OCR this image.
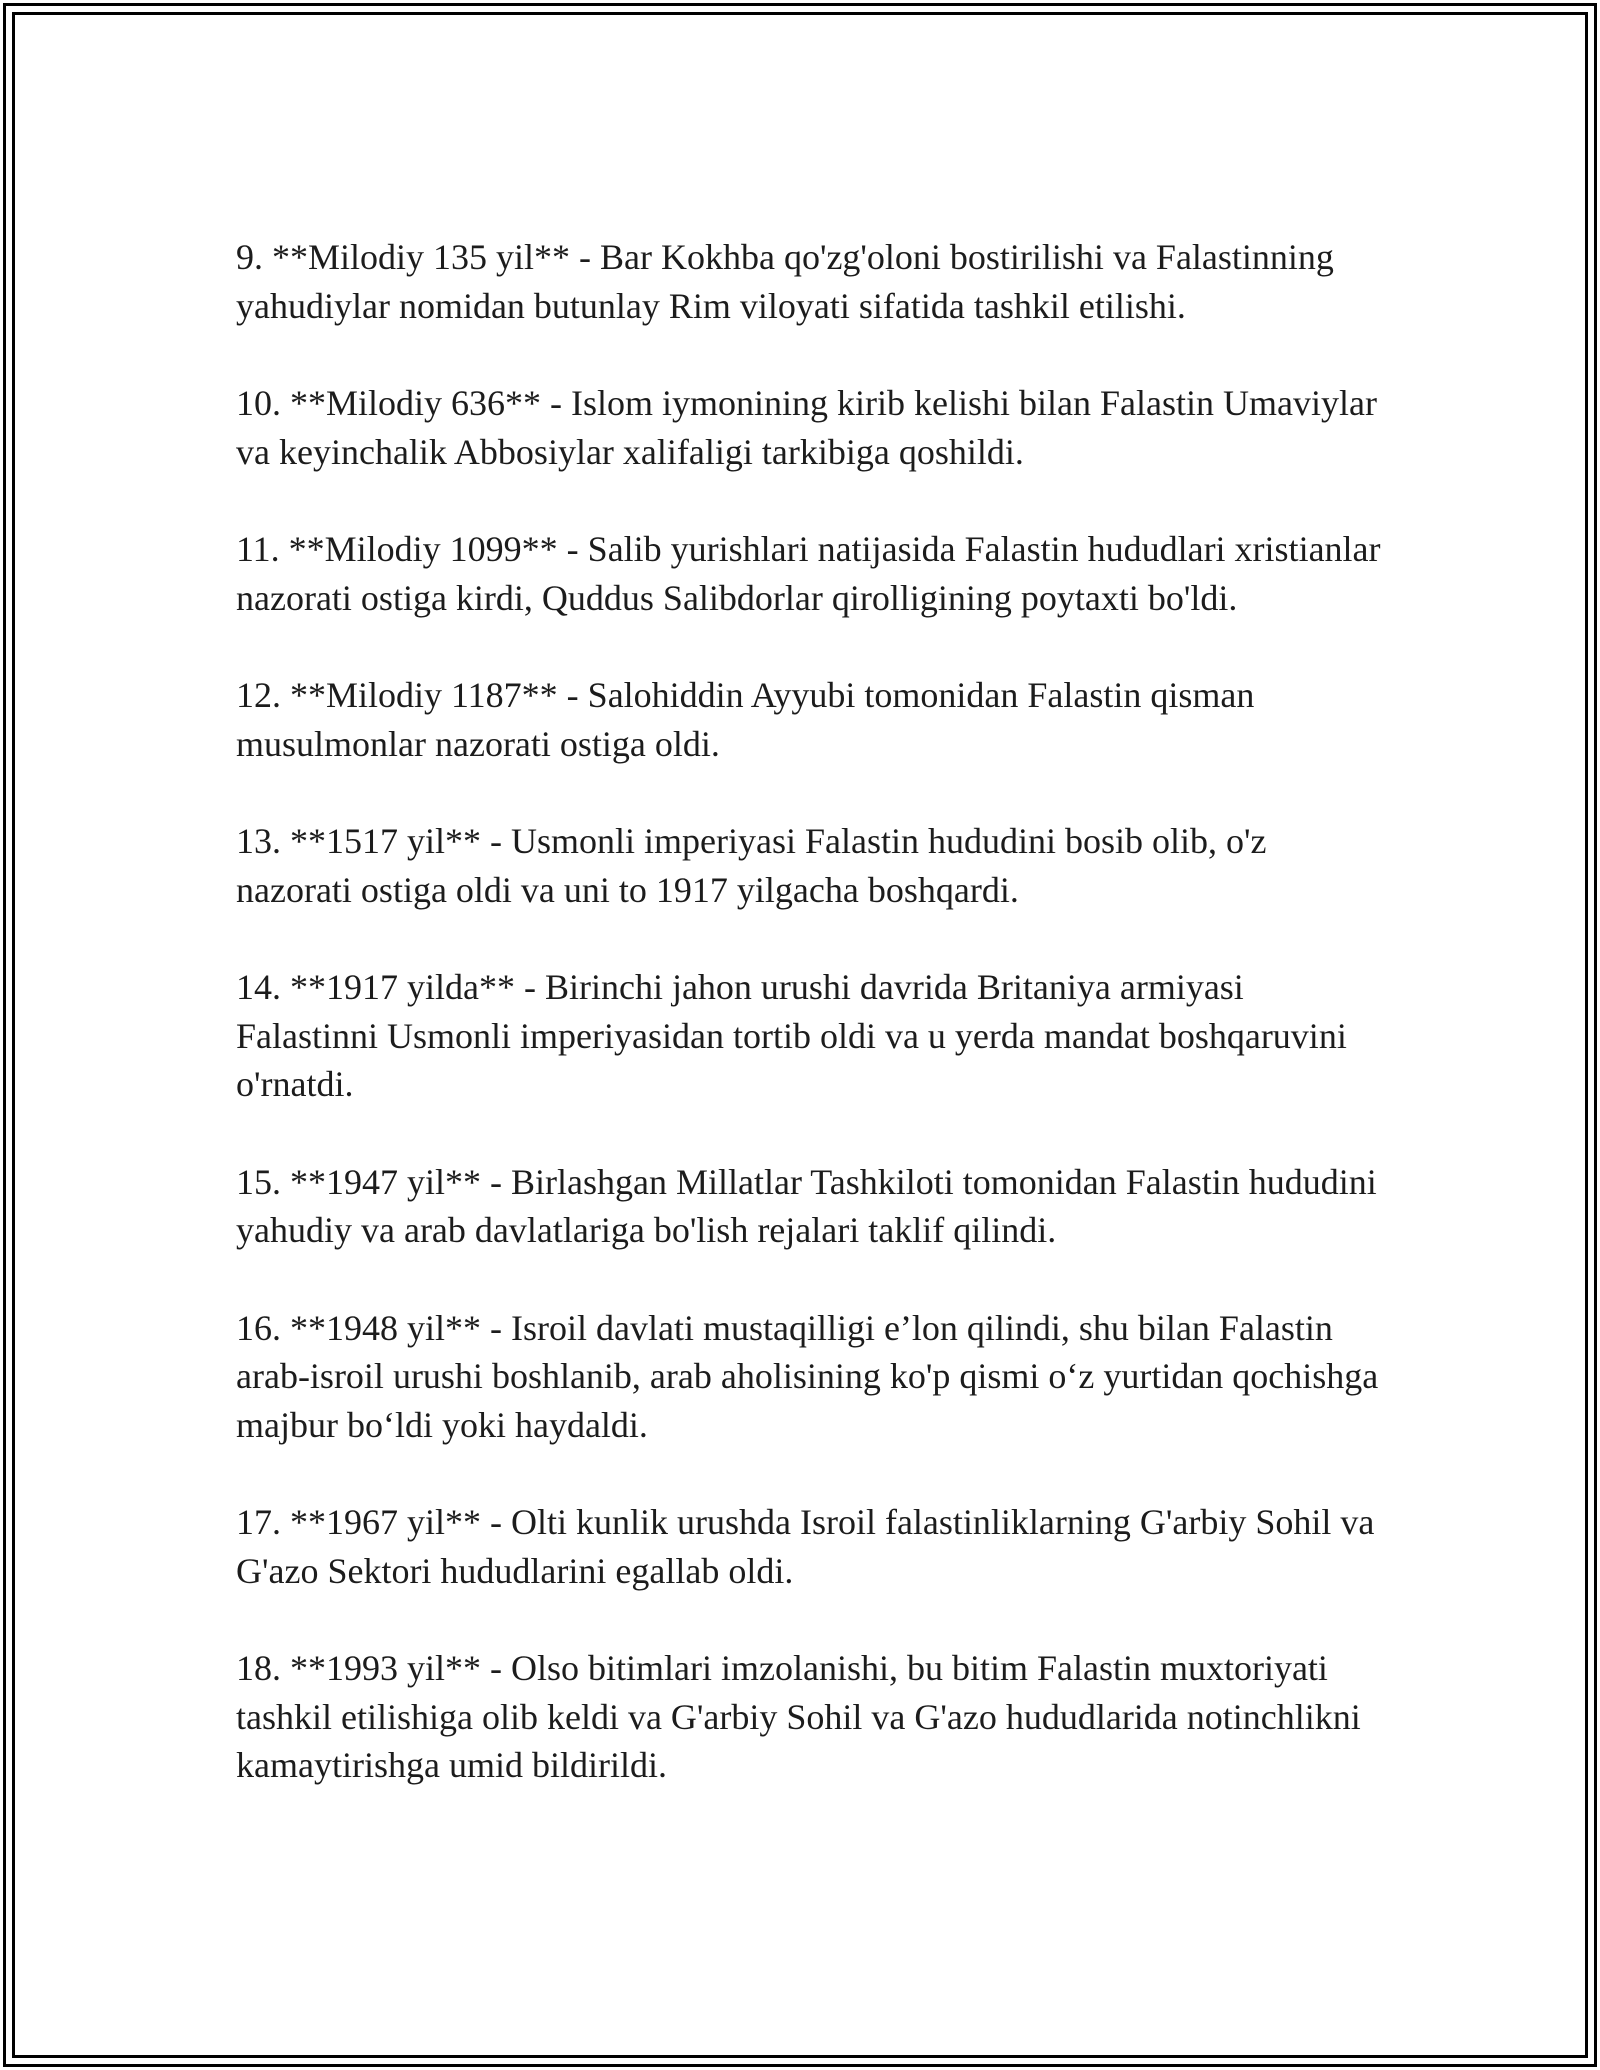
9. **Milodiy 135 yil** - Bar Kokhba qo'zg'oloni bostirilishi va Falastinning yahudiylar nomidan butunlay Rim viloyati sifatida tashkil etilishi.

10. **Milodiy 636** - Islom iymonining kirib kelishi bilan Falastin Umaviylar va keyinchalik Abbosiylar xalifaligi tarkibiga qoshildi.

11. **Milodiy 1099** - Salib yurishlari natijasida Falastin hududlari xristianlar nazorati ostiga kirdi, Quddus Salibdorlar qirolligining poytaxti bo'ldi.

12. **Milodiy 1187** - Salohiddin Ayyubi tomonidan Falastin qisman musulmonlar nazorati ostiga oldi.

13. **1517 yil** - Usmonli imperiyasi Falastin hududini bosib olib, o'z nazorati ostiga oldi va uni to 1917 yilgacha boshqardi.

14. **1917 yilda** - Birinchi jahon urushi davrida Britaniya armiyasi Falastinni Usmonli imperiyasidan tortib oldi va u yerda mandat boshqaruvini o'rnatdi.

15. **1947 yil** - Birlashgan Millatlar Tashkiloti tomonidan Falastin hududini yahudiy va arab davlatlariga bo'lish rejalari taklif qilindi.

16. **1948 yil** - Isroil davlati mustaqilligi e’lon qilindi, shu bilan Falastin arab-isroil urushi boshlanib, arab aholisining ko'p qismi o‘z yurtidan qochishga majbur bo‘ldi yoki haydaldi.

17. **1967 yil** - Olti kunlik urushda Isroil falastinliklarning G'arbiy Sohil va G'azo Sektori hududlarini egallab oldi.

18. **1993 yil** - Olso bitimlari imzolanishi, bu bitim Falastin muxtoriyati tashkil etilishiga olib keldi va G'arbiy Sohil va G'azo hududlarida notinchlikni kamaytirishga umid bildirildi.
